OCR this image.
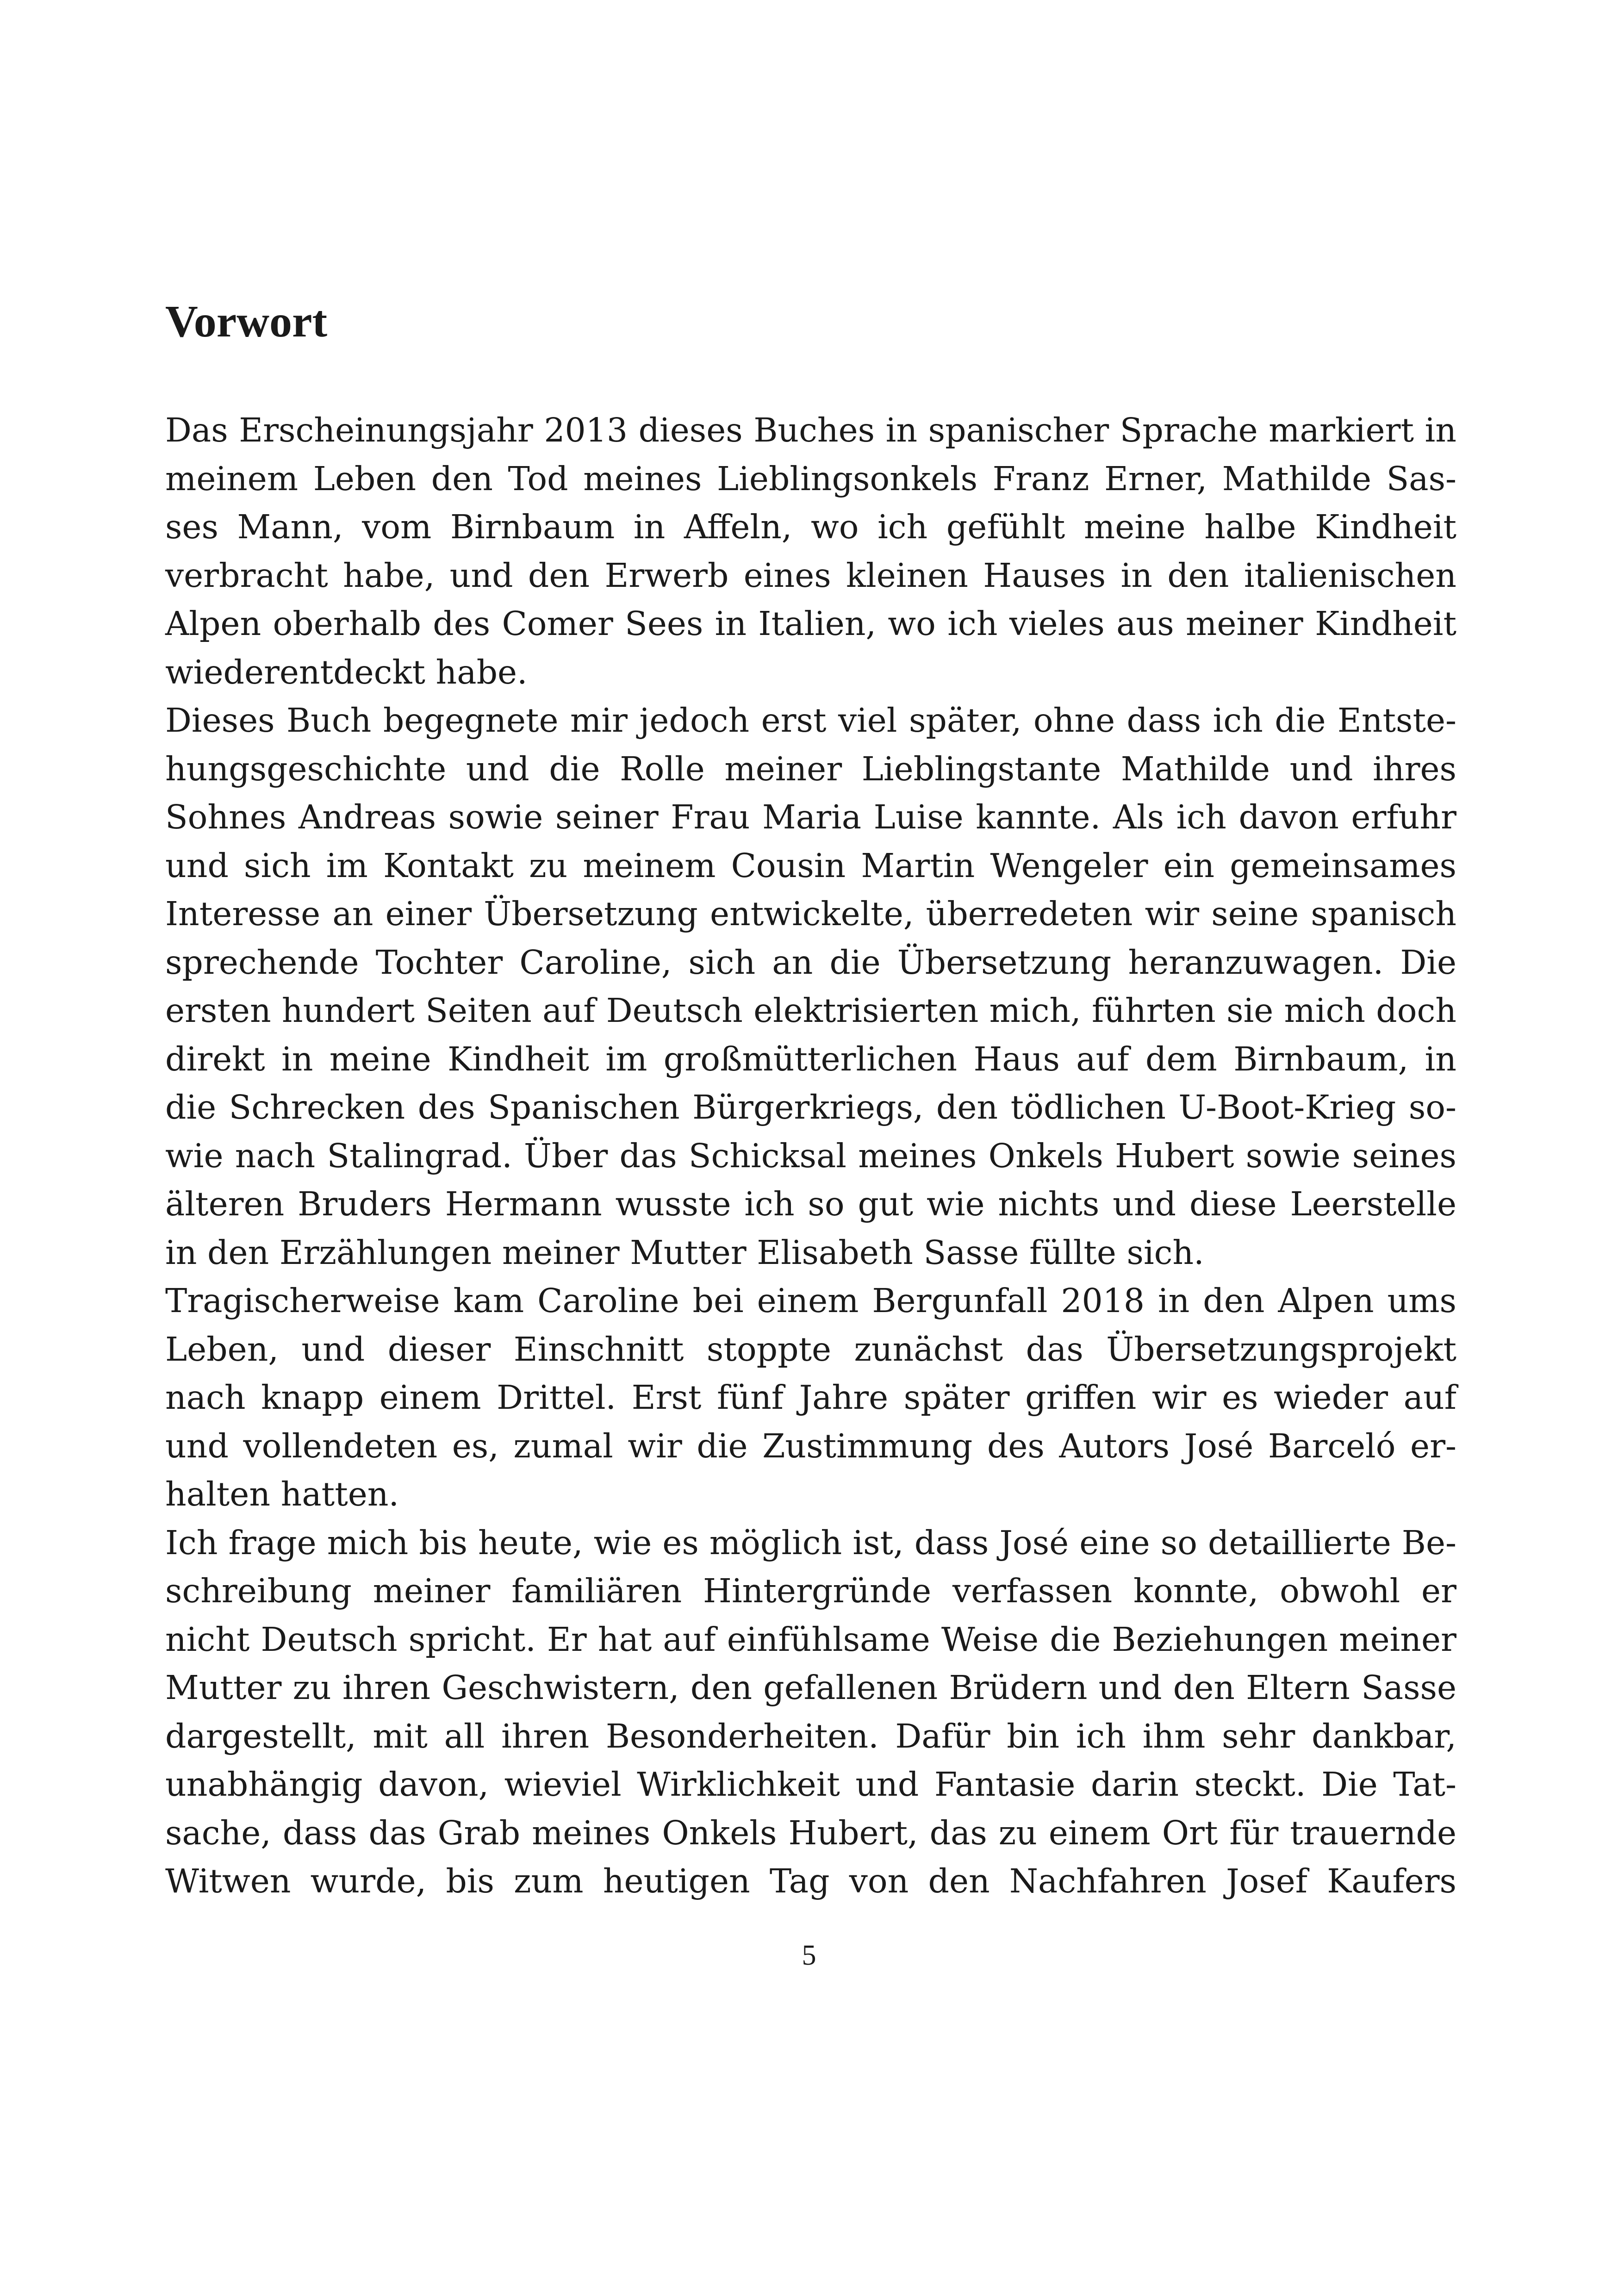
Vorwort
Das Erscheinungsjahr 2013 dieses Buches in spanischer Sprache markiert in
meinem Leben den Tod meines Lieblingsonkels Franz Erner, Mathilde Sas-
ses Mann, vom Birnbaum in Affeln, wo ich gefühlt meine halbe Kindheit
verbracht habe, und den Erwerb eines kleinen Hauses in den italienischen
Alpen oberhalb des Comer Sees in Italien, wo ich vieles aus meiner Kindheit
wiederentdeckt habe.
Dieses Buch begegnete mir jedoch erst viel später, ohne dass ich die Entste-
hungsgeschichte und die Rolle meiner Lieblingstante Mathilde und ihres
Sohnes Andreas sowie seiner Frau Maria Luise kannte. Als ich davon erfuhr
und sich im Kontakt zu meinem Cousin Martin Wengeler ein gemeinsames
Interesse an einer Übersetzung entwickelte, überredeten wir seine spanisch
sprechende Tochter Caroline, sich an die Übersetzung heranzuwagen. Die
ersten hundert Seiten auf Deutsch elektrisierten mich, führten sie mich doch
direkt in meine Kindheit im großmütterlichen Haus auf dem Birnbaum, in
die Schrecken des Spanischen Bürgerkriegs, den tödlichen U-Boot-Krieg so-
wie nach Stalingrad. Über das Schicksal meines Onkels Hubert sowie seines
älteren Bruders Hermann wusste ich so gut wie nichts und diese Leerstelle
in den Erzählungen meiner Mutter Elisabeth Sasse füllte sich.
Tragischerweise kam Caroline bei einem Bergunfall 2018 in den Alpen ums
Leben, und dieser Einschnitt stoppte zunächst das Übersetzungsprojekt
nach knapp einem Drittel. Erst fünf Jahre später griffen wir es wieder auf
und vollendeten es, zumal wir die Zustimmung des Autors José Barceló er-
halten hatten.
Ich frage mich bis heute, wie es möglich ist, dass José eine so detaillierte Be-
schreibung meiner familiären Hintergründe verfassen konnte, obwohl er
nicht Deutsch spricht. Er hat auf einfühlsame Weise die Beziehungen meiner
Mutter zu ihren Geschwistern, den gefallenen Brüdern und den Eltern Sasse
dargestellt, mit all ihren Besonderheiten. Dafür bin ich ihm sehr dankbar,
unabhängig davon, wieviel Wirklichkeit und Fantasie darin steckt. Die Tat-
sache, dass das Grab meines Onkels Hubert, das zu einem Ort für trauernde
Witwen wurde, bis zum heutigen Tag von den Nachfahren Josef Kaufers
5
